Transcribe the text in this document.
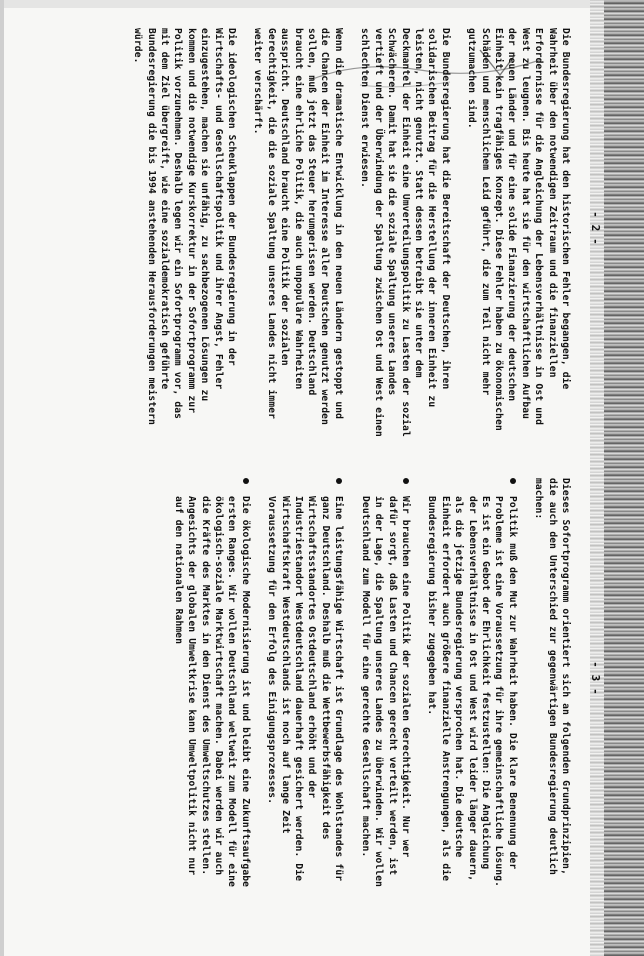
- 2 -
- 3 -

Die Bundesregierung hat den historischen Fehler begangen, die Wahrheit über den notwendigen Zeitraum und die finanziellen Erfordernisse für die Angleichung der Lebensverhältnisse in Ost und West zu leugnen. Bis heute hat sie für den wirtschaftlichen Aufbau der neuen Länder und für eine solide Finanzierung der deutschen Einheit kein tragfähiges Konzept. Diese Fehler haben zu ökonomischen Schäden und menschlichem Leid geführt, die zum Teil nicht mehr gutzumachen sind.

Die Bundesregierung hat die Bereitschaft der Deutschen, ihren solidarischen Beitrag für die Herstellung der inneren Einheit zu leisten, nicht genutzt. Statt dessen betreibt sie unter dem Deckmantel der Einheit eine Umverteilungspolitik zu Lasten der sozial Schwächeren. Damit hat sie die soziale Spaltung unseres Landes vertieft und der Überwindung der Spaltung zwischen Ost und West einen schlechten Dienst erwiesen.

Wenn die dramatische Entwicklung in den neuen Ländern gestoppt und die Chancen der Einheit im Interesse aller Deutschen genutzt werden sollen, muß jetzt das Steuer herumgerissen werden. Deutschland braucht eine ehrliche Politik, die auch unpopuläre Wahrheiten ausspricht. Deutschland braucht eine Politik der sozialen Gerechtigkeit, die die soziale Spaltung unseres Landes nicht immer weiter verschärft.

Die ideologischen Scheuklappen der Bundesregierung in der Wirtschafts- und Gesellschaftspolitik und ihrer Angst, Fehler einzugestehen, machen sie unfähig, zu sachbezogenen Lösungen zu kommen und die notwendige Kurskorrektur in der Sofortprogramm zur Politik vorzunehmen. Deshalb legen wir ein Sofortprogramm vor, das mit dem Ziel übergreift, wie eine sozialdemokratisch geführte Bundesregierung die bis 1994 anstehenden Herausforderungen meistern würde.

Dieses Sofortprogramm orientiert sich an folgenden Grundprinzipien, die auch den Unterschied zur gegenwärtigen Bundesregierung deutlich machen:

Politik muß den Mut zur Wahrheit haben. Die klare Benennung der Probleme ist eine Voraussetzung für ihre gemeinschaftliche Lösung. Es ist ein Gebot der Ehrlichkeit festzustellen: Die Angleichung der Lebensverhältnisse in Ost und West wird leider länger dauern, als die jetzige Bundesregierung versprochen hat. Die deutsche Einheit erfordert auch größere finanzielle Anstrengungen, als die Bundesregierung bisher zugegeben hat.
Wir brauchen eine Politik der sozialen Gerechtigkeit. Nur wer dafür sorgt, daß Lasten und Chancen gerecht verteilt werden, ist in der Lage, die Spaltung unseres Landes zu überwinden. Wir wollen Deutschland zum Modell für eine gerechte Gesellschaft machen.
Eine leistungsfähige Wirtschaft ist Grundlage des Wohlstandes für ganz Deutschland. Deshalb muß die Wettbewerbsfähigkeit des Wirtschaftsstandortes Ostdeutschland erhöht und der Industriestandort Westdeutschland dauerhaft gesichert werden. Die Wirtschaftskraft Westdeutschlands ist noch auf lange Zeit Voraussetzung für den Erfolg des Einigungsprozesses.
Die ökologische Modernisierung ist und bleibt eine Zukunftsaufgabe ersten Ranges. Wir wollen Deutschland weltweit zum Modell für eine ökologisch-soziale Marktwirtschaft machen. Dabei werden wir auch die Kräfte des Marktes in den Dienst des Umweltschutzes stellen. Angesichts der globalen Umweltkrise kann Umweltpolitik nicht nur auf den nationalen Rahmen
